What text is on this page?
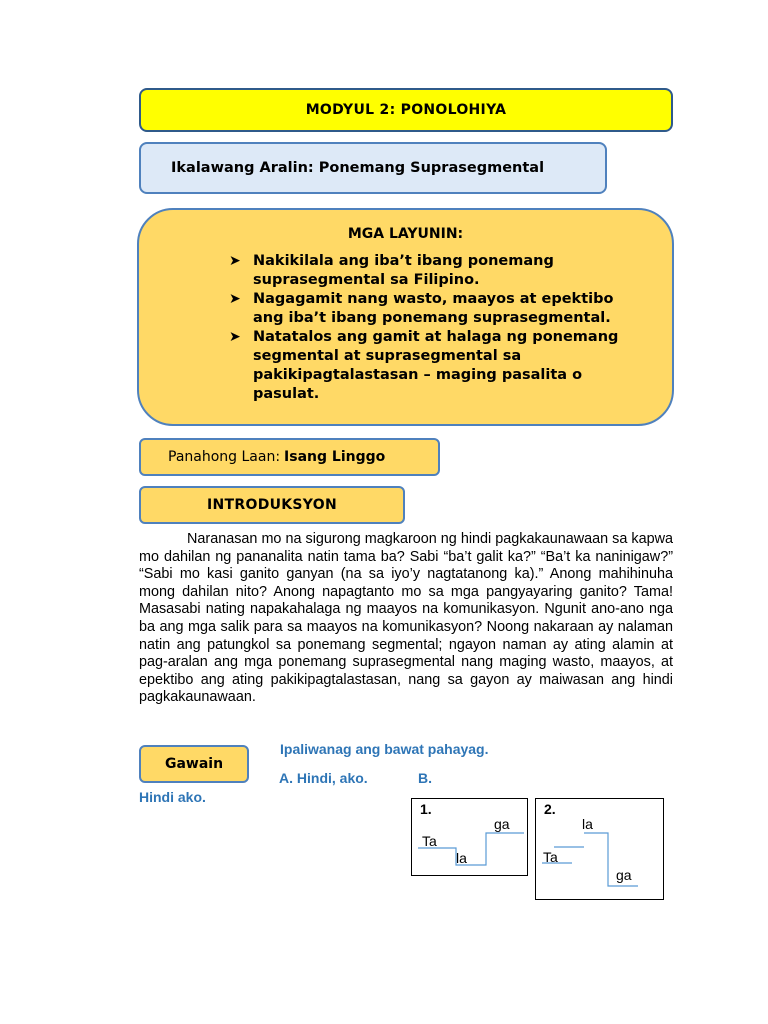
MODYUL 2: PONOLOHIYA
Ikalawang Aralin: Ponemang Suprasegmental
MGA LAYUNIN:
➤ Nakikilala ang iba’t ibang ponemang suprasegmental sa Filipino.
➤ Nagagamit nang wasto, maayos at epektibo ang iba’t ibang ponemang suprasegmental.
➤ Natatalos ang gamit at halaga ng ponemang segmental at suprasegmental sa pakikipagtalastasan – maging pasalita o pasulat.
Panahong Laan: Isang Linggo
INTRODUKSYON

Naranasan mo na sigurong magkaroon ng hindi pagkakaunawaan sa kapwa mo dahilan ng pananalita natin tama ba? Sabi “ba’t galit ka?” “Ba’t ka naninigaw?” “Sabi mo kasi ganito ganyan (na sa iyo’y nagtatanong ka).” Anong mahihinuha mong dahilan nito? Anong napagtanto mo sa mga pangyayaring ganito? Tama! Masasabi nating napakahalaga ng maayos na komunikasyon. Ngunit ano-ano nga ba ang mga salik para sa maayos na komunikasyon? Noong nakaraan ay nalaman natin ang patungkol sa ponemang segmental; ngayon naman ay ating alamin at pag-aralan ang mga ponemang suprasegmental nang maging wasto, maayos, at epektibo ang ating pakikipagtalastasan, nang sa gayon ay maiwasan ang hindi pagkakaunawaan.

Gawain
Ipaliwanag ang bawat pahayag.
A. Hindi, ako.	B.
Hindi ako.
1.
Ta
la
ga
2.
Ta
la
ga
